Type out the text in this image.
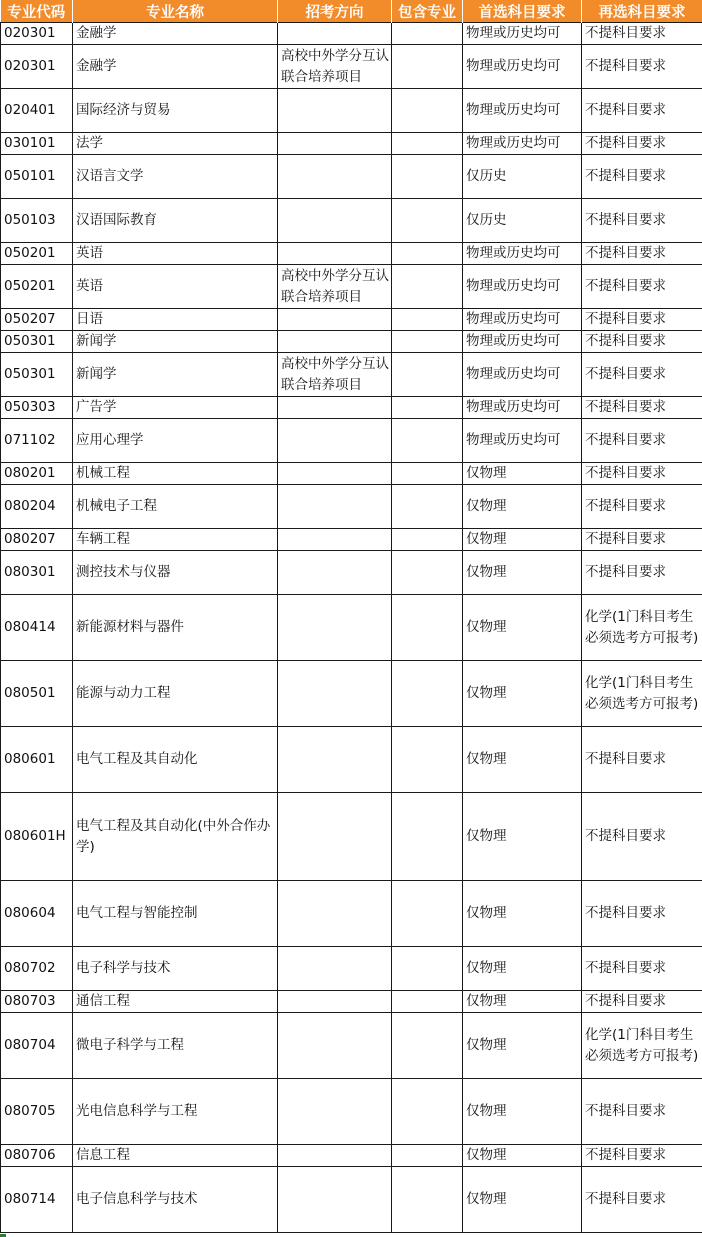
专业代码	专业名称	招考方向	包含专业	首选科目要求	再选科目要求
020301	金融学			物理或历史均可	不提科目要求
020301	金融学	高校中外学分互认联合培养项目		物理或历史均可	不提科目要求
020401	国际经济与贸易			物理或历史均可	不提科目要求
030101	法学			物理或历史均可	不提科目要求
050101	汉语言文学			仅历史	不提科目要求
050103	汉语国际教育			仅历史	不提科目要求
050201	英语			物理或历史均可	不提科目要求
050201	英语	高校中外学分互认联合培养项目		物理或历史均可	不提科目要求
050207	日语			物理或历史均可	不提科目要求
050301	新闻学			物理或历史均可	不提科目要求
050301	新闻学	高校中外学分互认联合培养项目		物理或历史均可	不提科目要求
050303	广告学			物理或历史均可	不提科目要求
071102	应用心理学			物理或历史均可	不提科目要求
080201	机械工程			仅物理	不提科目要求
080204	机械电子工程			仅物理	不提科目要求
080207	车辆工程			仅物理	不提科目要求
080301	测控技术与仪器			仅物理	不提科目要求
080414	新能源材料与器件			仅物理	化学(1门科目考生必须选考方可报考)
080501	能源与动力工程			仅物理	化学(1门科目考生必须选考方可报考)
080601	电气工程及其自动化			仅物理	不提科目要求
080601H	电气工程及其自动化(中外合作办学)			仅物理	不提科目要求
080604	电气工程与智能控制			仅物理	不提科目要求
080702	电子科学与技术			仅物理	不提科目要求
080703	通信工程			仅物理	不提科目要求
080704	微电子科学与工程			仅物理	化学(1门科目考生必须选考方可报考)
080705	光电信息科学与工程			仅物理	不提科目要求
080706	信息工程			仅物理	不提科目要求
080714	电子信息科学与技术			仅物理	不提科目要求
